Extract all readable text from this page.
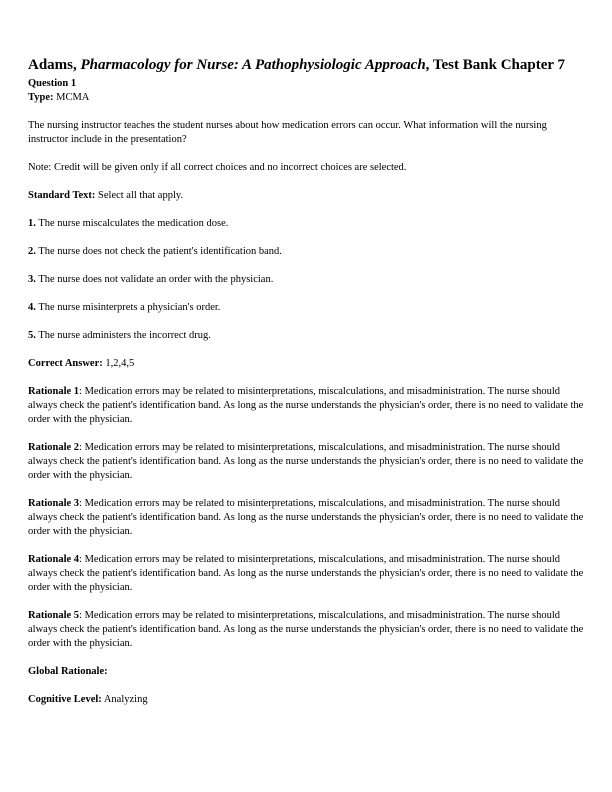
Adams, Pharmacology for Nurse: A Pathophysiologic Approach, Test Bank Chapter 7
Question 1
Type: MCMA

The nursing instructor teaches the student nurses about how medication errors can occur. What information will the nursing instructor include in the presentation?

Note: Credit will be given only if all correct choices and no incorrect choices are selected.

Standard Text: Select all that apply.

1. The nurse miscalculates the medication dose.

2. The nurse does not check the patient's identification band.

3. The nurse does not validate an order with the physician.

4. The nurse misinterprets a physician's order.

5. The nurse administers the incorrect drug.

Correct Answer: 1,2,4,5

Rationale 1: Medication errors may be related to misinterpretations, miscalculations, and misadministration. The nurse should always check the patient's identification band. As long as the nurse understands the physician's order, there is no need to validate the order with the physician.

Rationale 2: Medication errors may be related to misinterpretations, miscalculations, and misadministration. The nurse should always check the patient's identification band. As long as the nurse understands the physician's order, there is no need to validate the order with the physician.

Rationale 3: Medication errors may be related to misinterpretations, miscalculations, and misadministration. The nurse should always check the patient's identification band. As long as the nurse understands the physician's order, there is no need to validate the order with the physician.

Rationale 4: Medication errors may be related to misinterpretations, miscalculations, and misadministration. The nurse should always check the patient's identification band. As long as the nurse understands the physician's order, there is no need to validate the order with the physician.

Rationale 5: Medication errors may be related to misinterpretations, miscalculations, and misadministration. The nurse should always check the patient's identification band. As long as the nurse understands the physician's order, there is no need to validate the order with the physician.

Global Rationale:

Cognitive Level: Analyzing
